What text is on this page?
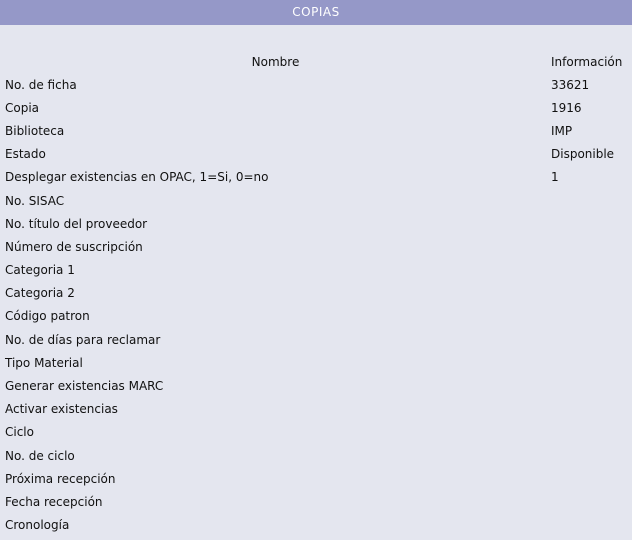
COPIAS
Nombre	Información
No. de ficha	33621
Copia	1916
Biblioteca	IMP
Estado	Disponible
Desplegar existencias en OPAC, 1=Si, 0=no	1
No. SISAC	
No. título del proveedor	
Número de suscripción	
Categoria 1	
Categoria 2	
Código patron	
No. de días para reclamar	
Tipo Material	
Generar existencias MARC	
Activar existencias	
Ciclo	
No. de ciclo	
Próxima recepción	
Fecha recepción	
Cronología	
